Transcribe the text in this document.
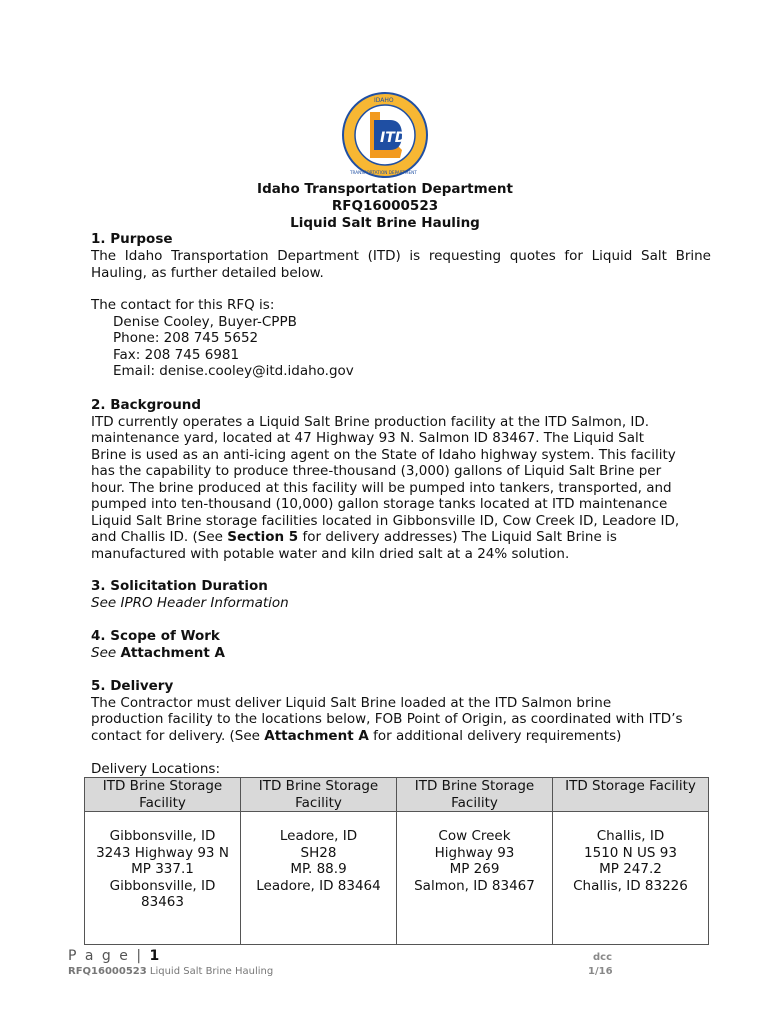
ITD
IDAHO
TRANSPORTATION DEPARTMENT
Idaho Transportation Department
RFQ16000523
Liquid Salt Brine Hauling
1. Purpose
The Idaho Transportation Department (ITD) is requesting quotes for Liquid Salt Brine Hauling, as further detailed below.
The contact for this RFQ is:
Denise Cooley, Buyer-CPPB
Phone: 208 745 5652
Fax: 208 745 6981
Email: denise.cooley@itd.idaho.gov
2. Background
ITD currently operates a Liquid Salt Brine production facility at the ITD Salmon, ID.
maintenance yard, located at 47 Highway 93 N. Salmon ID 83467. The Liquid Salt
Brine is used as an anti-icing agent on the State of Idaho highway system. This facility
has the capability to produce three-thousand (3,000) gallons of Liquid Salt Brine per
hour. The brine produced at this facility will be pumped into tankers, transported, and
pumped into ten-thousand (10,000) gallon storage tanks located at ITD maintenance
Liquid Salt Brine storage facilities located in Gibbonsville ID, Cow Creek ID, Leadore ID,
and Challis ID. (See Section 5 for delivery addresses) The Liquid Salt Brine is
manufactured with potable water and kiln dried salt at a 24% solution.
3. Solicitation Duration
See IPRO Header Information
4. Scope of Work
See Attachment A
5. Delivery
The Contractor must deliver Liquid Salt Brine loaded at the ITD Salmon brine
production facility to the locations below, FOB Point of Origin, as coordinated with ITD’s
contact for delivery. (See Attachment A for additional delivery requirements)
Delivery Locations:
ITD Brine Storage Facility	ITD Brine Storage Facility	ITD Brine Storage Facility	ITD Storage Facility

Gibbonsville, ID
3243 Highway 93 N
MP 337.1
Gibbonsville, ID
83463	Leadore, ID
SH28
MP. 88.9
Leadore, ID 83464	Cow Creek
Highway 93
MP 269
Salmon, ID 83467	Challis, ID
1510 N US 93
MP 247.2
Challis, ID 83226
P a g e | 1
RFQ16000523 Liquid Salt Brine Hauling
dcc
1/16
